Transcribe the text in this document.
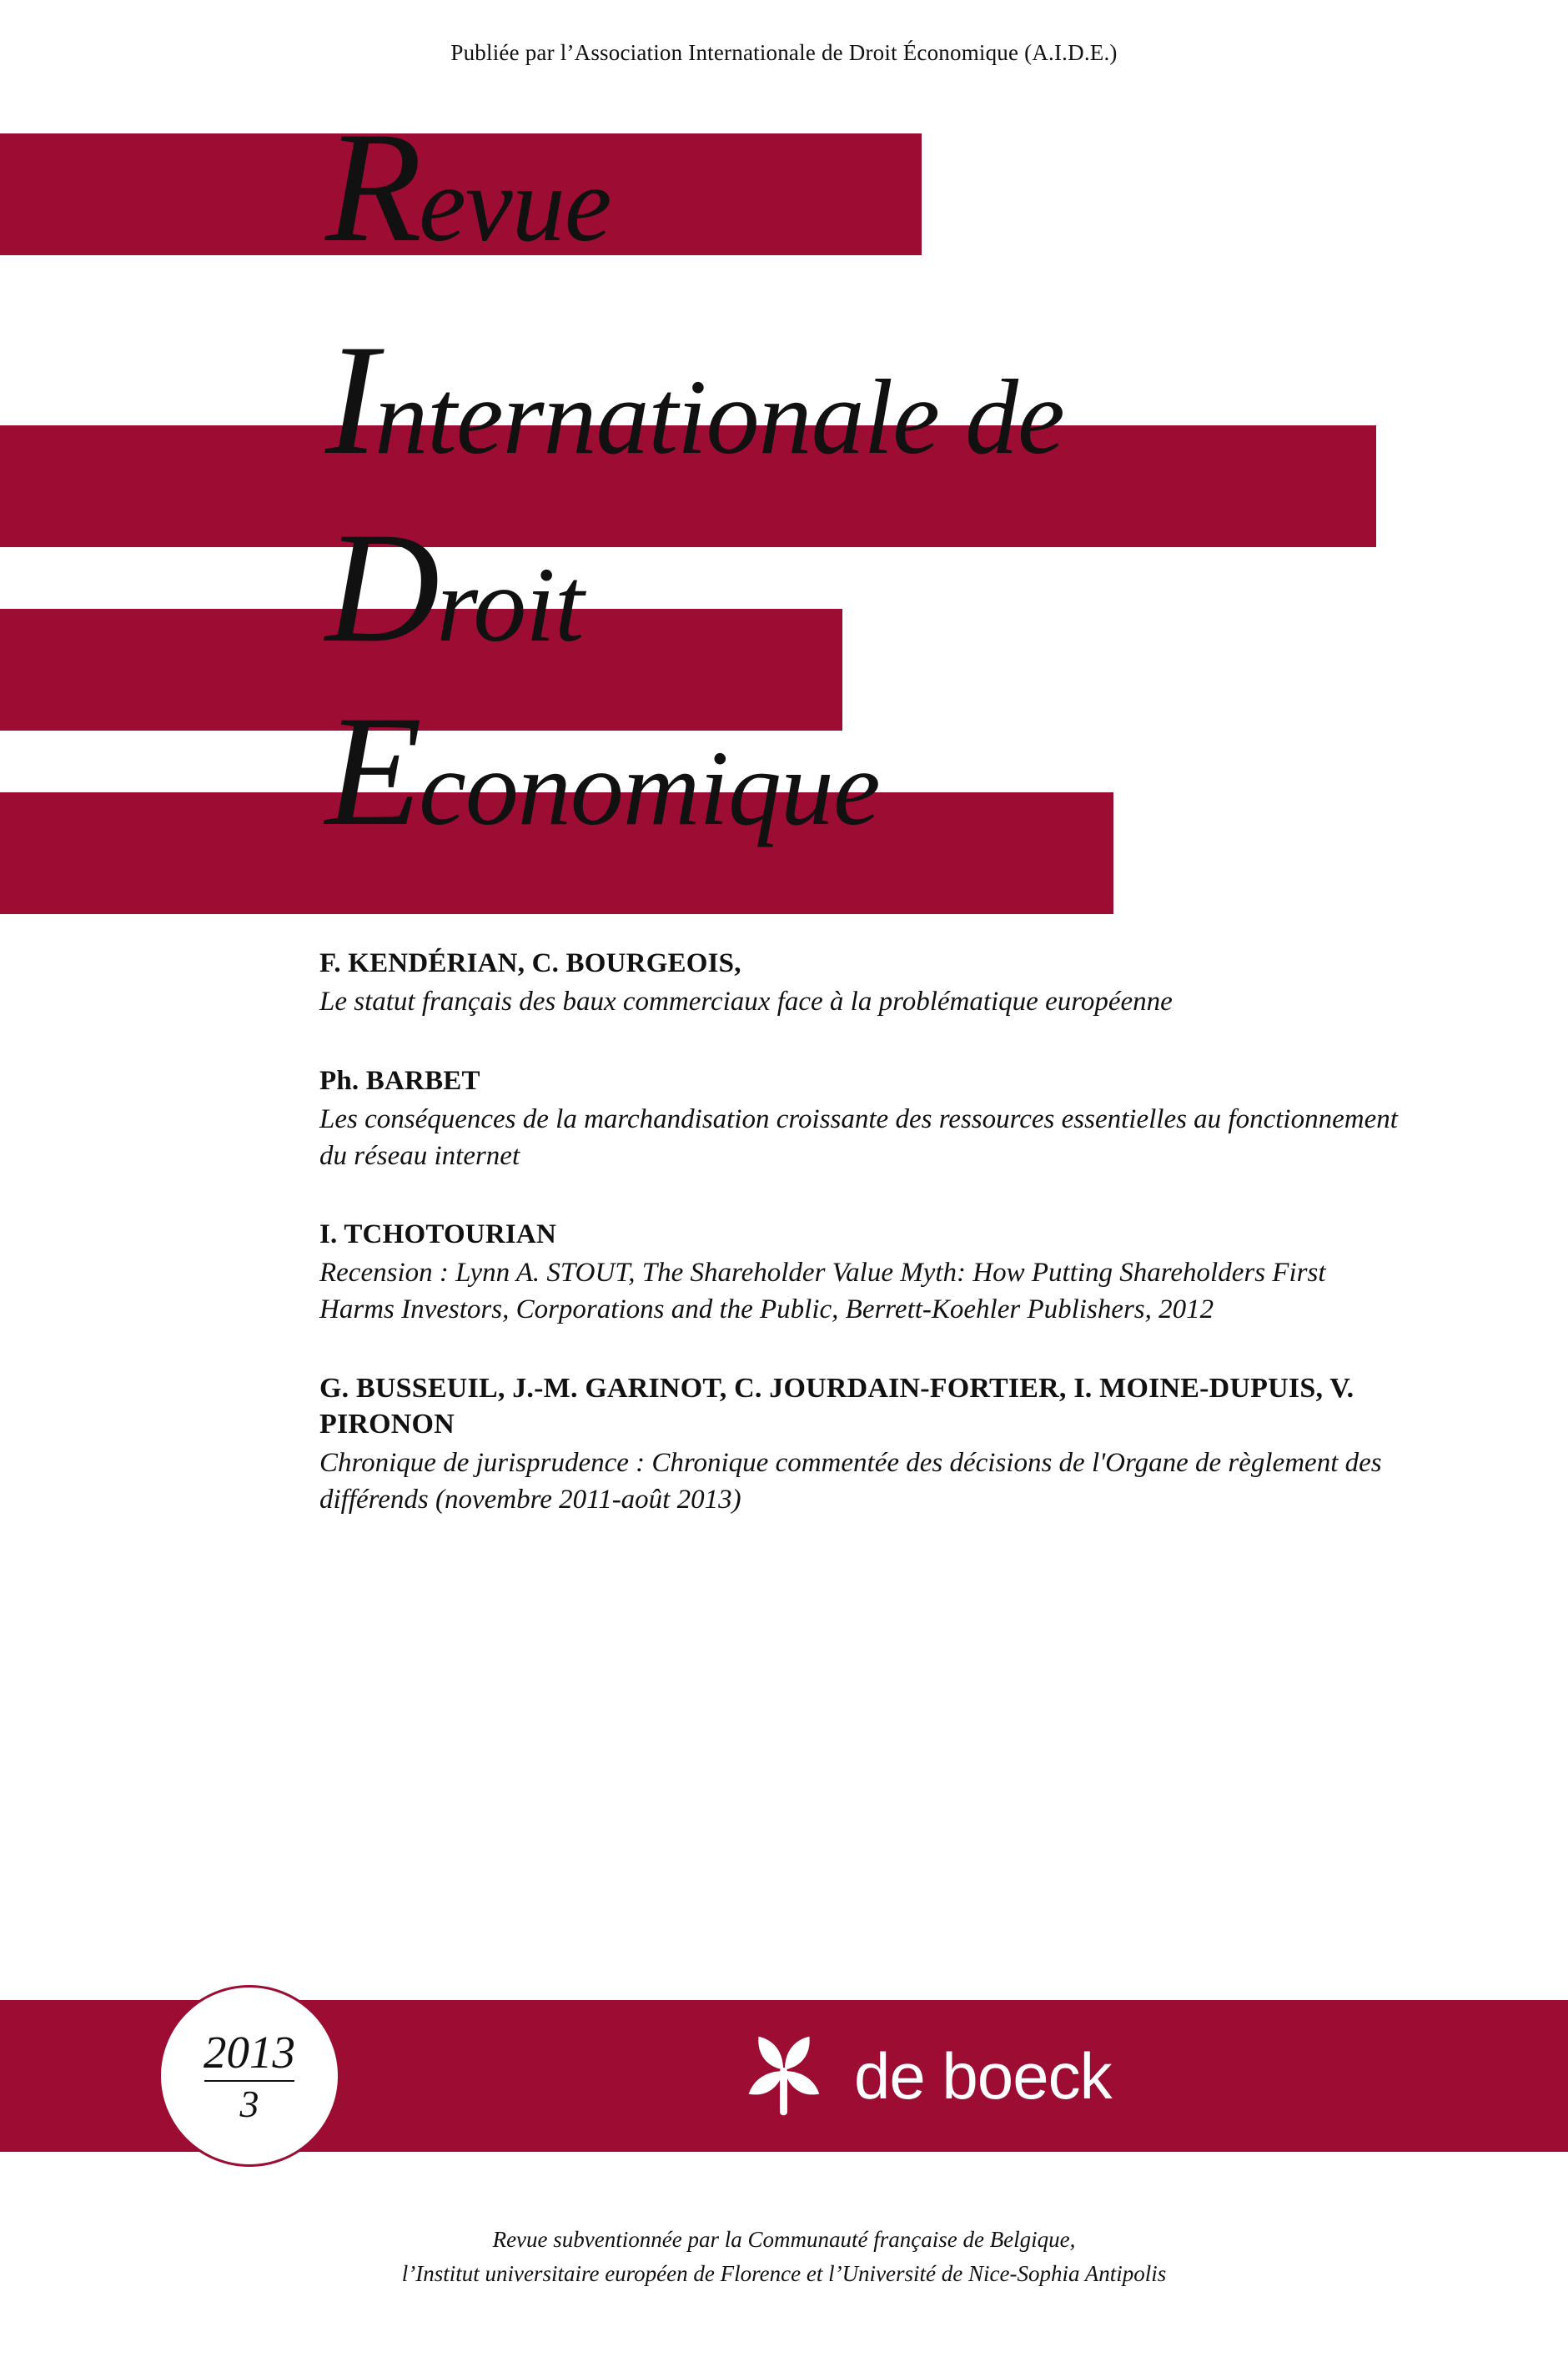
Publiée par l’Association Internationale de Droit Économique (A.I.D.E.)
Revue
Internationale de
Droit
Economique
F. KENDÉRIAN, C. BOURGEOIS,
Le statut français des baux commerciaux face à la problématique européenne
Ph. BARBET
Les conséquences de la marchandisation croissante des ressources essentielles au fonctionnement du réseau internet
I. TCHOTOURIAN
Recension : Lynn A. STOUT, The Shareholder Value Myth: How Putting Shareholders First Harms Investors, Corporations and the Public, Berrett-Koehler Publishers, 2012
G. BUSSEUIL, J.-M. GARINOT, C. JOURDAIN-FORTIER, I. MOINE-DUPUIS, V. PIRONON
Chronique de jurisprudence : Chronique commentée des décisions de l'Organe de règlement des différends (novembre 2011-août 2013)
2013
3	de boeck
Revue subventionnée par la Communauté française de Belgique,
l’Institut universitaire européen de Florence et l’Université de Nice-Sophia Antipolis
